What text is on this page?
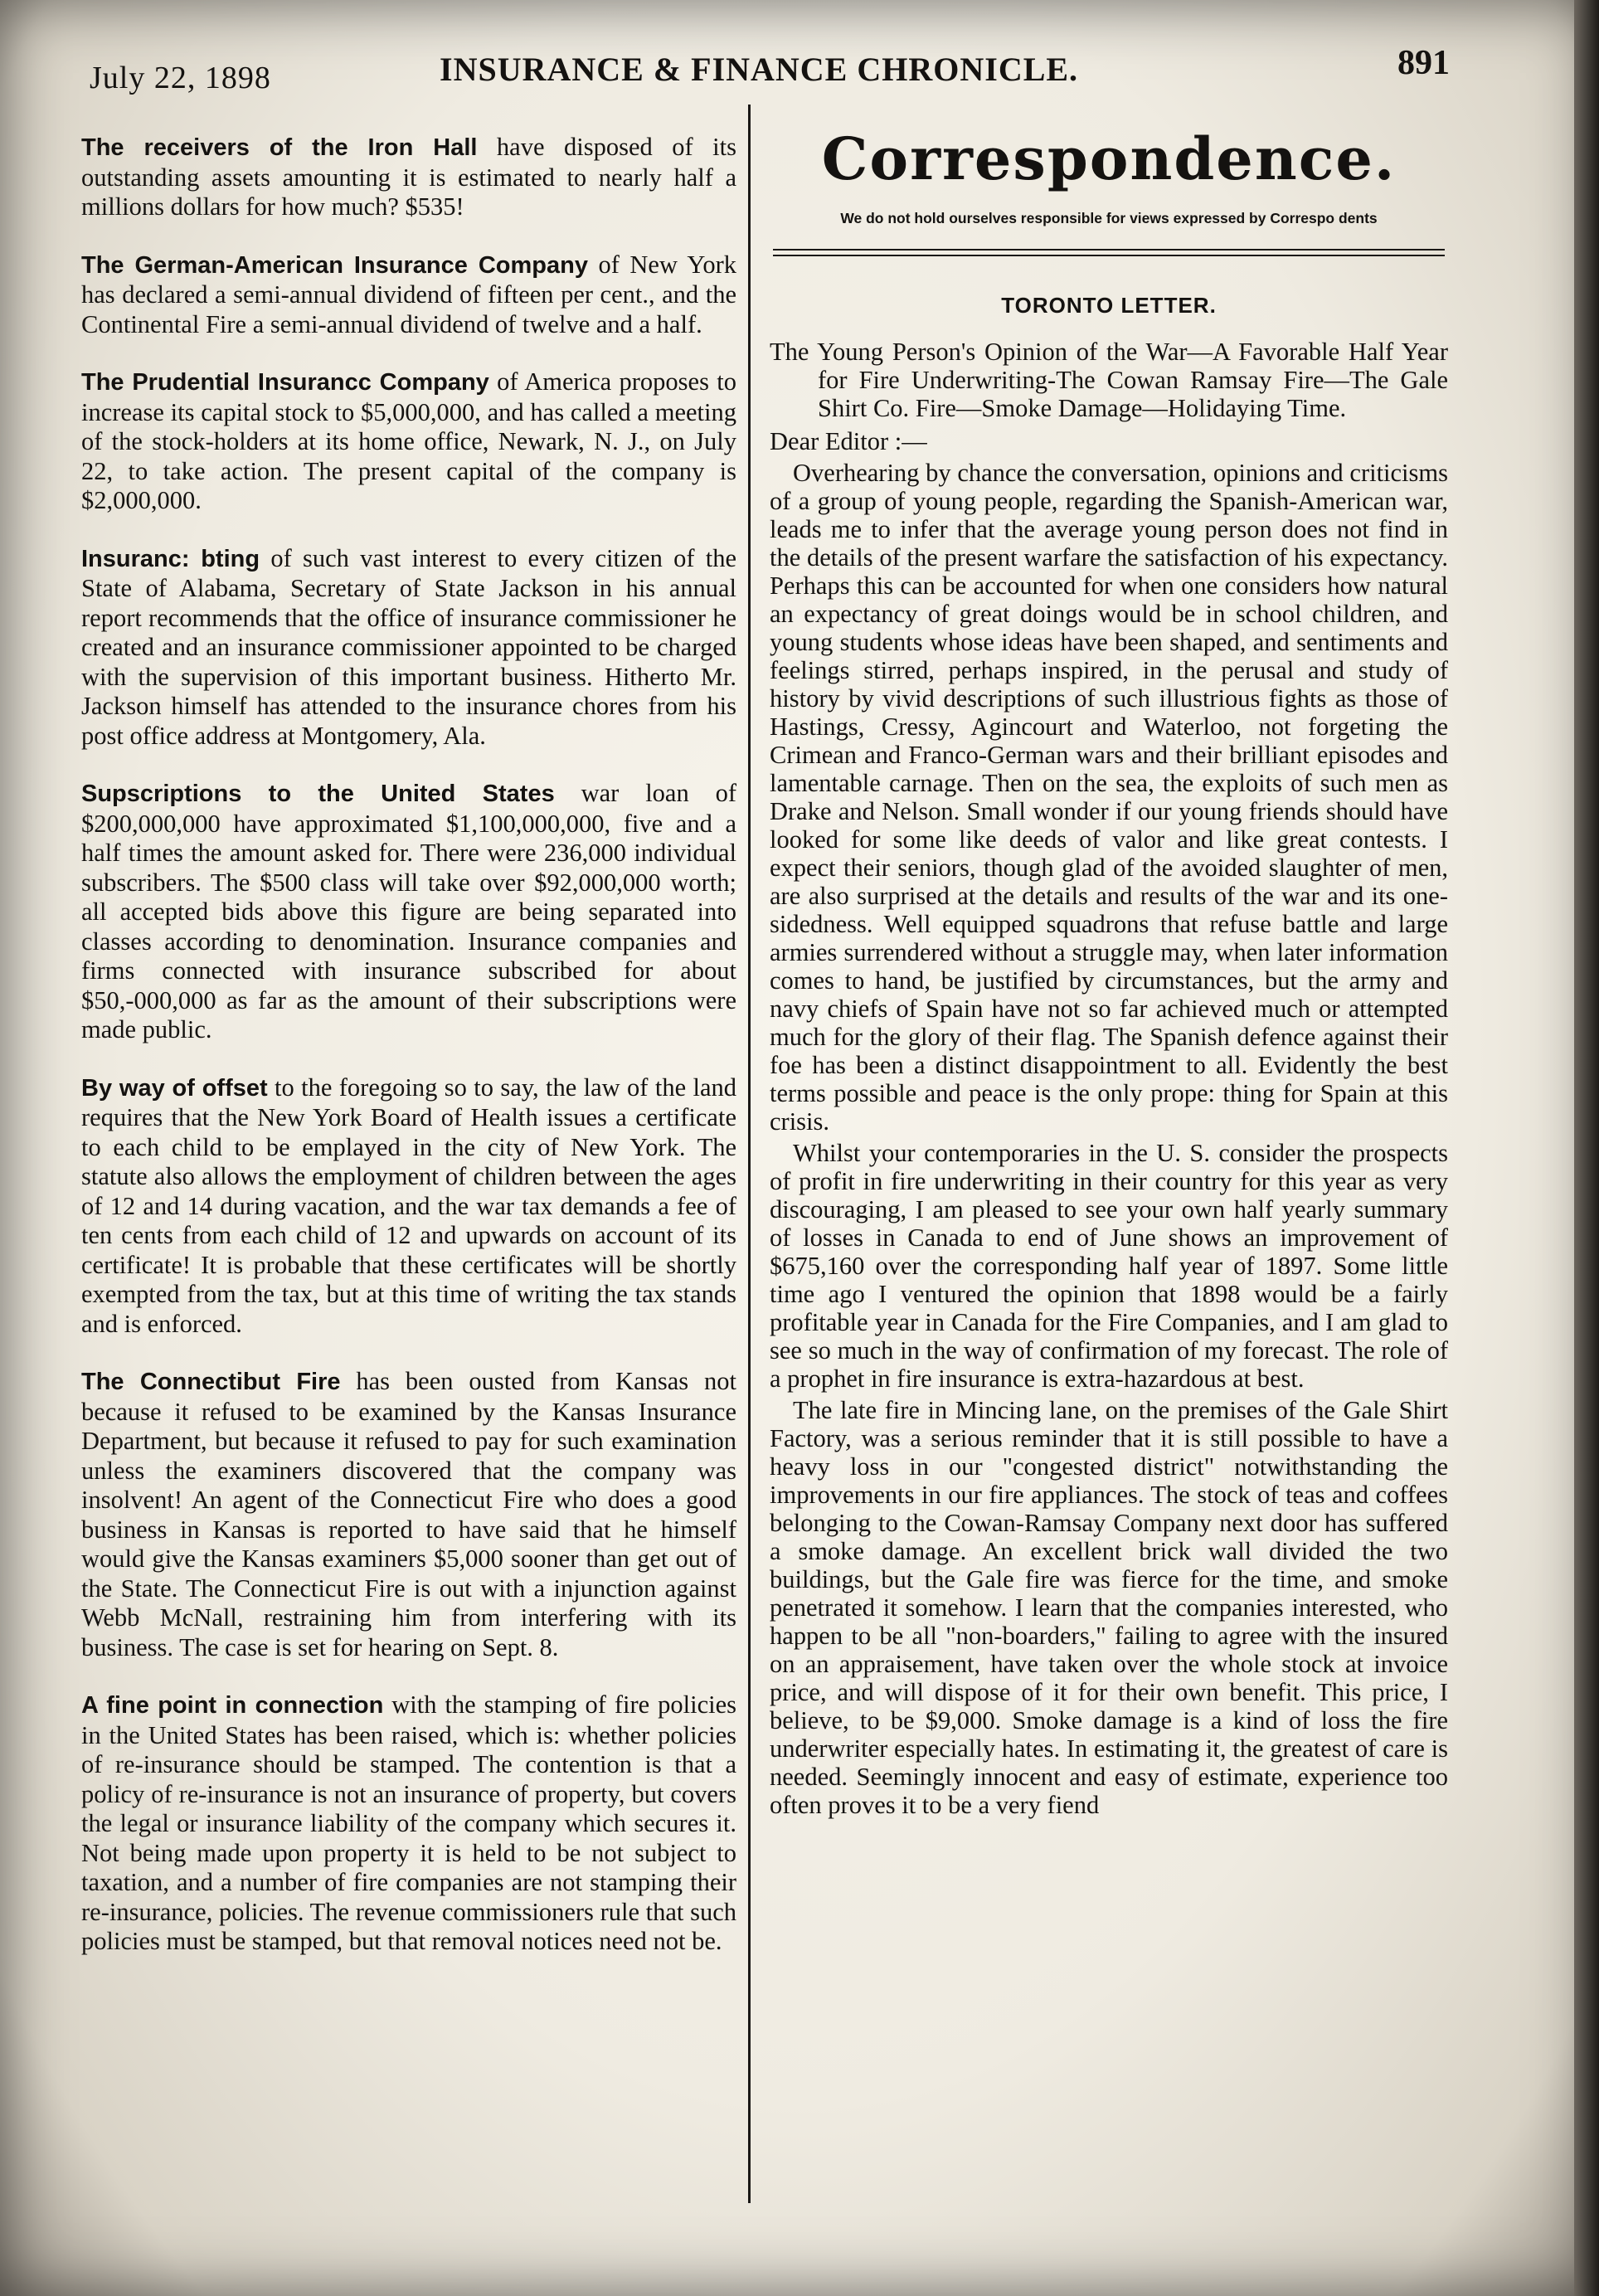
July 22, 1898	INSURANCE & FINANCE CHRONICLE.	891

The receivers of the Iron Hall have disposed of its outstanding assets amounting it is estimated to nearly half a millions dollars for how much? $535!

The German-American Insurance Company of New York has declared a semi-annual dividend of fifteen per cent., and the Continental Fire a semi-annual dividend of twelve and a half.

The Prudential Insurancc Company of America proposes to increase its capital stock to $5,000,000, and has called a meeting of the stock-holders at its home office, Newark, N. J., on July 22, to take action. The present capital of the company is $2,000,000.

Insuranc: bting of such vast interest to every citizen of the State of Alabama, Secretary of State Jackson in his annual report recommends that the office of insurance commissioner he created and an insurance commissioner appointed to be charged with the supervision of this important business. Hitherto Mr. Jackson himself has attended to the insurance chores from his post office address at Montgomery, Ala.

Supscriptions to the United States war loan of $200,000,000 have approximated $1,100,000,000, five and a half times the amount asked for. There were 236,000 individual subscribers. The $500 class will take over $92,000,000 worth; all accepted bids above this figure are being separated into classes according to denomination. Insurance companies and firms connected with insurance subscribed for about $50,-000,000 as far as the amount of their subscriptions were made public.

By way of offset to the foregoing so to say, the law of the land requires that the New York Board of Health issues a certificate to each child to be emplayed in the city of New York. The statute also allows the employment of children between the ages of 12 and 14 during vacation, and the war tax demands a fee of ten cents from each child of 12 and upwards on account of its certificate! It is probable that these certificates will be shortly exempted from the tax, but at this time of writing the tax stands and is enforced.

The Connectibut Fire has been ousted from Kansas not because it refused to be examined by the Kansas Insurance Department, but because it refused to pay for such examination unless the examiners discovered that the company was insolvent! An agent of the Connecticut Fire who does a good business in Kansas is reported to have said that he himself would give the Kansas examiners $5,000 sooner than get out of the State. The Connecticut Fire is out with a injunction against Webb McNall, restraining him from interfering with its business. The case is set for hearing on Sept. 8.

A fine point in connection with the stamping of fire policies in the United States has been raised, which is: whether policies of re-insurance should be stamped. The contention is that a policy of re-insurance is not an insurance of property, but covers the legal or insurance liability of the company which secures it. Not being made upon property it is held to be not subject to taxation, and a number of fire companies are not stamping their re-insurance, policies. The revenue commissioners rule that such policies must be stamped, but that removal notices need not be.

Correspondence.
We do not hold ourselves responsible for views expressed by Correspo dents
TORONTO LETTER.
The Young Person's Opinion of the War—A Favorable Half Year for Fire Underwriting-The Cowan Ramsay Fire—The Gale Shirt Co. Fire—Smoke Damage—Holidaying Time.
Dear Editor :—

Overhearing by chance the conversation, opinions and criticisms of a group of young people, regarding the Spanish-American war, leads me to infer that the average young person does not find in the details of the present warfare the satisfaction of his expectancy. Perhaps this can be accounted for when one considers how natural an expectancy of great doings would be in school children, and young students whose ideas have been shaped, and sentiments and feelings stirred, perhaps inspired, in the perusal and study of history by vivid descriptions of such illustrious fights as those of Hastings, Cressy, Agincourt and Waterloo, not forgeting the Crimean and Franco-German wars and their brilliant episodes and lamentable carnage. Then on the sea, the exploits of such men as Drake and Nelson. Small wonder if our young friends should have looked for some like deeds of valor and like great contests. I expect their seniors, though glad of the avoided slaughter of men, are also surprised at the details and results of the war and its one-sidedness. Well equipped squadrons that refuse battle and large armies surrendered without a struggle may, when later information comes to hand, be justified by circumstances, but the army and navy chiefs of Spain have not so far achieved much or attempted much for the glory of their flag. The Spanish defence against their foe has been a distinct disappointment to all. Evidently the best terms possible and peace is the only prope: thing for Spain at this crisis.

Whilst your contemporaries in the U. S. consider the prospects of profit in fire underwriting in their country for this year as very discouraging, I am pleased to see your own half yearly summary of losses in Canada to end of June shows an improvement of $675,160 over the corresponding half year of 1897. Some little time ago I ventured the opinion that 1898 would be a fairly profitable year in Canada for the Fire Companies, and I am glad to see so much in the way of confirmation of my forecast. The role of a prophet in fire insurance is extra-hazardous at best.

The late fire in Mincing lane, on the premises of the Gale Shirt Factory, was a serious reminder that it is still possible to have a heavy loss in our "congested district" notwithstanding the improvements in our fire appliances. The stock of teas and coffees belonging to the Cowan-Ramsay Company next door has suffered a smoke damage. An excellent brick wall divided the two buildings, but the Gale fire was fierce for the time, and smoke penetrated it somehow. I learn that the companies interested, who happen to be all "non-boarders," failing to agree with the insured on an appraisement, have taken over the whole stock at invoice price, and will dispose of it for their own benefit. This price, I believe, to be $9,000. Smoke damage is a kind of loss the fire underwriter especially hates. In estimating it, the greatest of care is needed. Seemingly innocent and easy of estimate, experience too often proves it to be a very fiend
